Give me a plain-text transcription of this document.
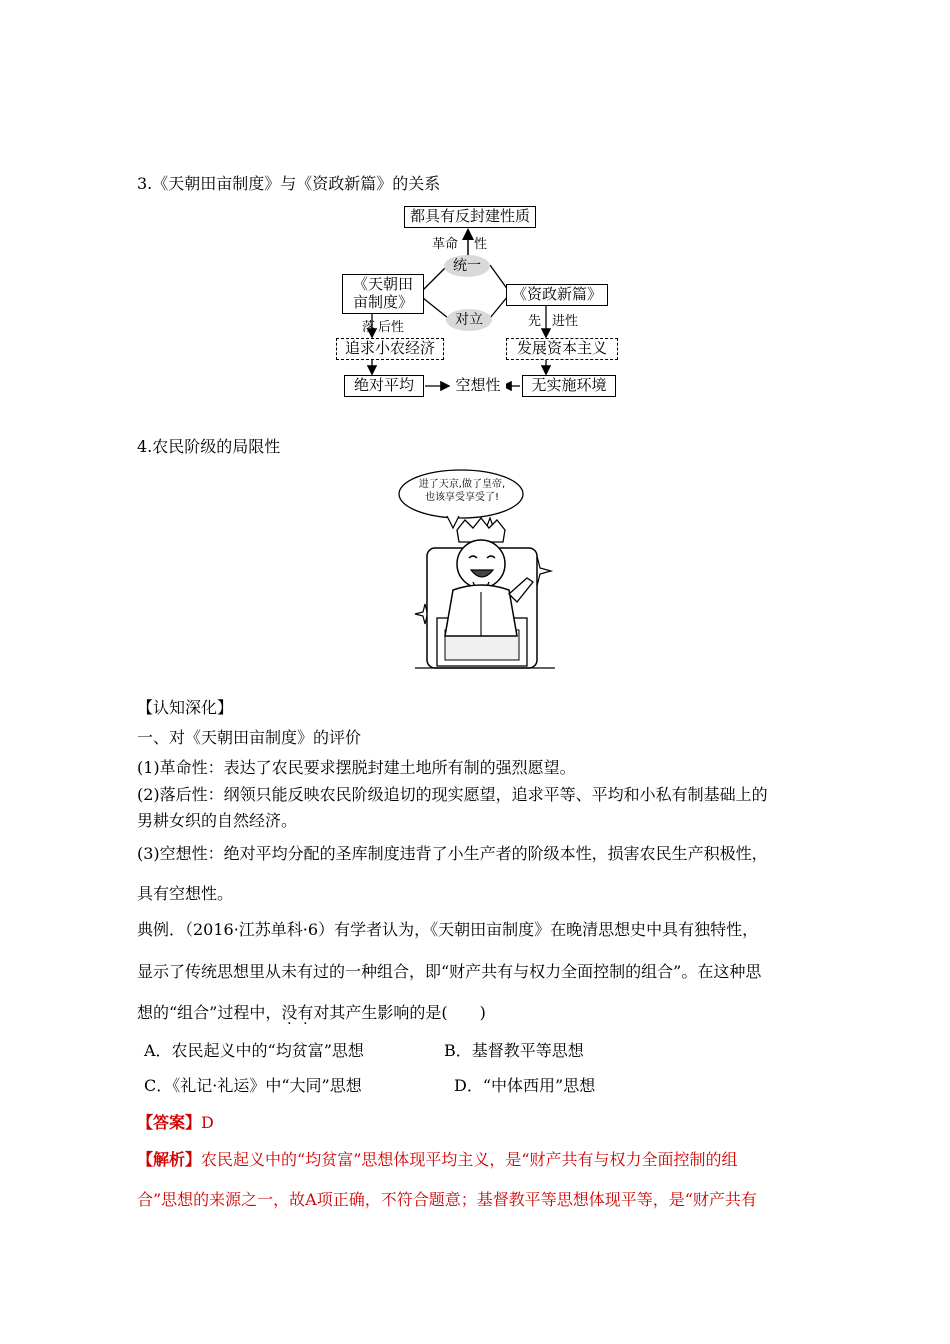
3.《天朝田亩制度》与《资政新篇》的关系
都具有反封建性质
革命 性
统一
《天朝田
亩制度》	《资政新篇》
对立
落 后性	先 进性
追求小农经济	发展资本主义
绝对平均	空想性	无实施环境
4.农民阶级的局限性
进了天京,做了皇帝,
也该享受享受了!
【认知深化】
一、对《天朝田亩制度》的评价
(1)革命性：表达了农民要求摆脱封建土地所有制的强烈愿望。
(2)落后性：纲领只能反映农民阶级追切的现实愿望，追求平等、平均和小私有制基础上的
男耕女织的自然经济。
(3)空想性：绝对平均分配的圣库制度违背了小生产者的阶级本性，损害农民生产积极性，
具有空想性。
典例．（2016·江苏单科·6）有学者认为，《天朝田亩制度》在晚清思想史中具有独特性，
显示了传统思想里从未有过的一种组合，即“财产共有与权力全面控制的组合”。在这种思
想的“组合”过程中，没有对其产生影响的是(　　)
A．农民起义中的“均贫富”思想	B．基督教平等思想
C．《礼记·礼运》中“大同”思想	D．“中体西用”思想
【答案】D
【解析】农民起义中的“均贫富”思想体现平均主义，是“财产共有与权力全面控制的组
合”思想的来源之一，故A项正确，不符合题意；基督教平等思想体现平等，是“财产共有
